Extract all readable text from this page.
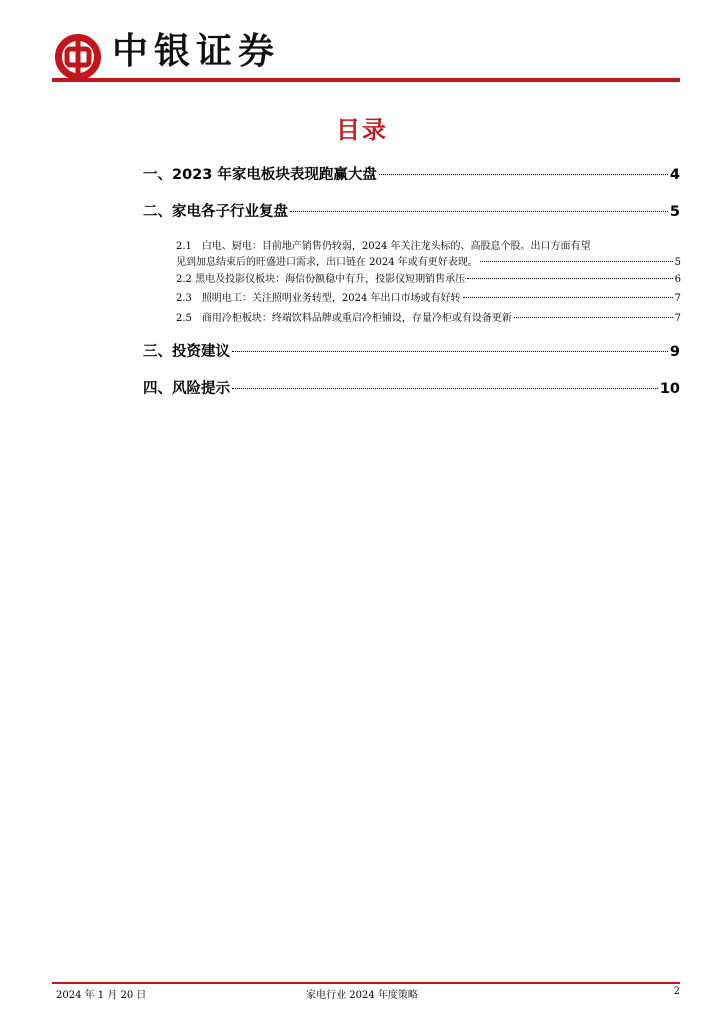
中银证券
目录
一、2023 年家电板块表现跑赢大盘	4
二、家电各子行业复盘	5
2.1　白电、厨电：目前地产销售仍较弱，2024 年关注龙头标的、高股息个股。出口方面有望
见到加息结束后的旺盛进口需求，出口链在 2024 年或有更好表现。	5
2.2 黑电及投影仪板块：海信份额稳中有升，投影仪短期销售承压	6
2.3　照明电工：关注照明业务转型，2024 年出口市场或有好转	7
2.5　商用冷柜板块：终端饮料品牌或重启冷柜铺设，存量冷柜或有设备更新	7
三、投资建议	9
四、风险提示	10
2024 年 1 月 20 日	家电行业 2024 年度策略	2
